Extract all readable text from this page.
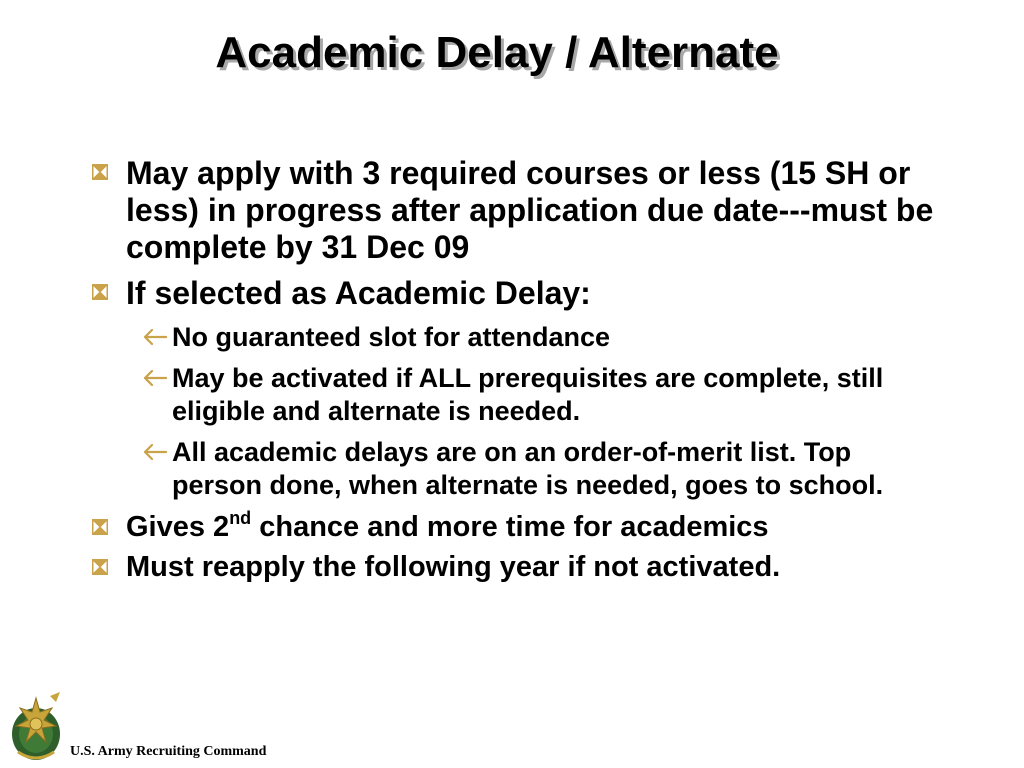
Academic Delay / Alternate
May apply with 3 required courses or less (15 SH or less) in progress after application due date---must be complete by 31 Dec 09
If selected as Academic Delay:
No guaranteed slot for attendance
May be activated if ALL prerequisites are complete, still eligible and alternate is needed.
All academic delays are on an order-of-merit list. Top person done, when alternate is needed, goes to school.
Gives 2nd chance and more time for academics
Must reapply the following year if not activated.
U.S. Army Recruiting Command
